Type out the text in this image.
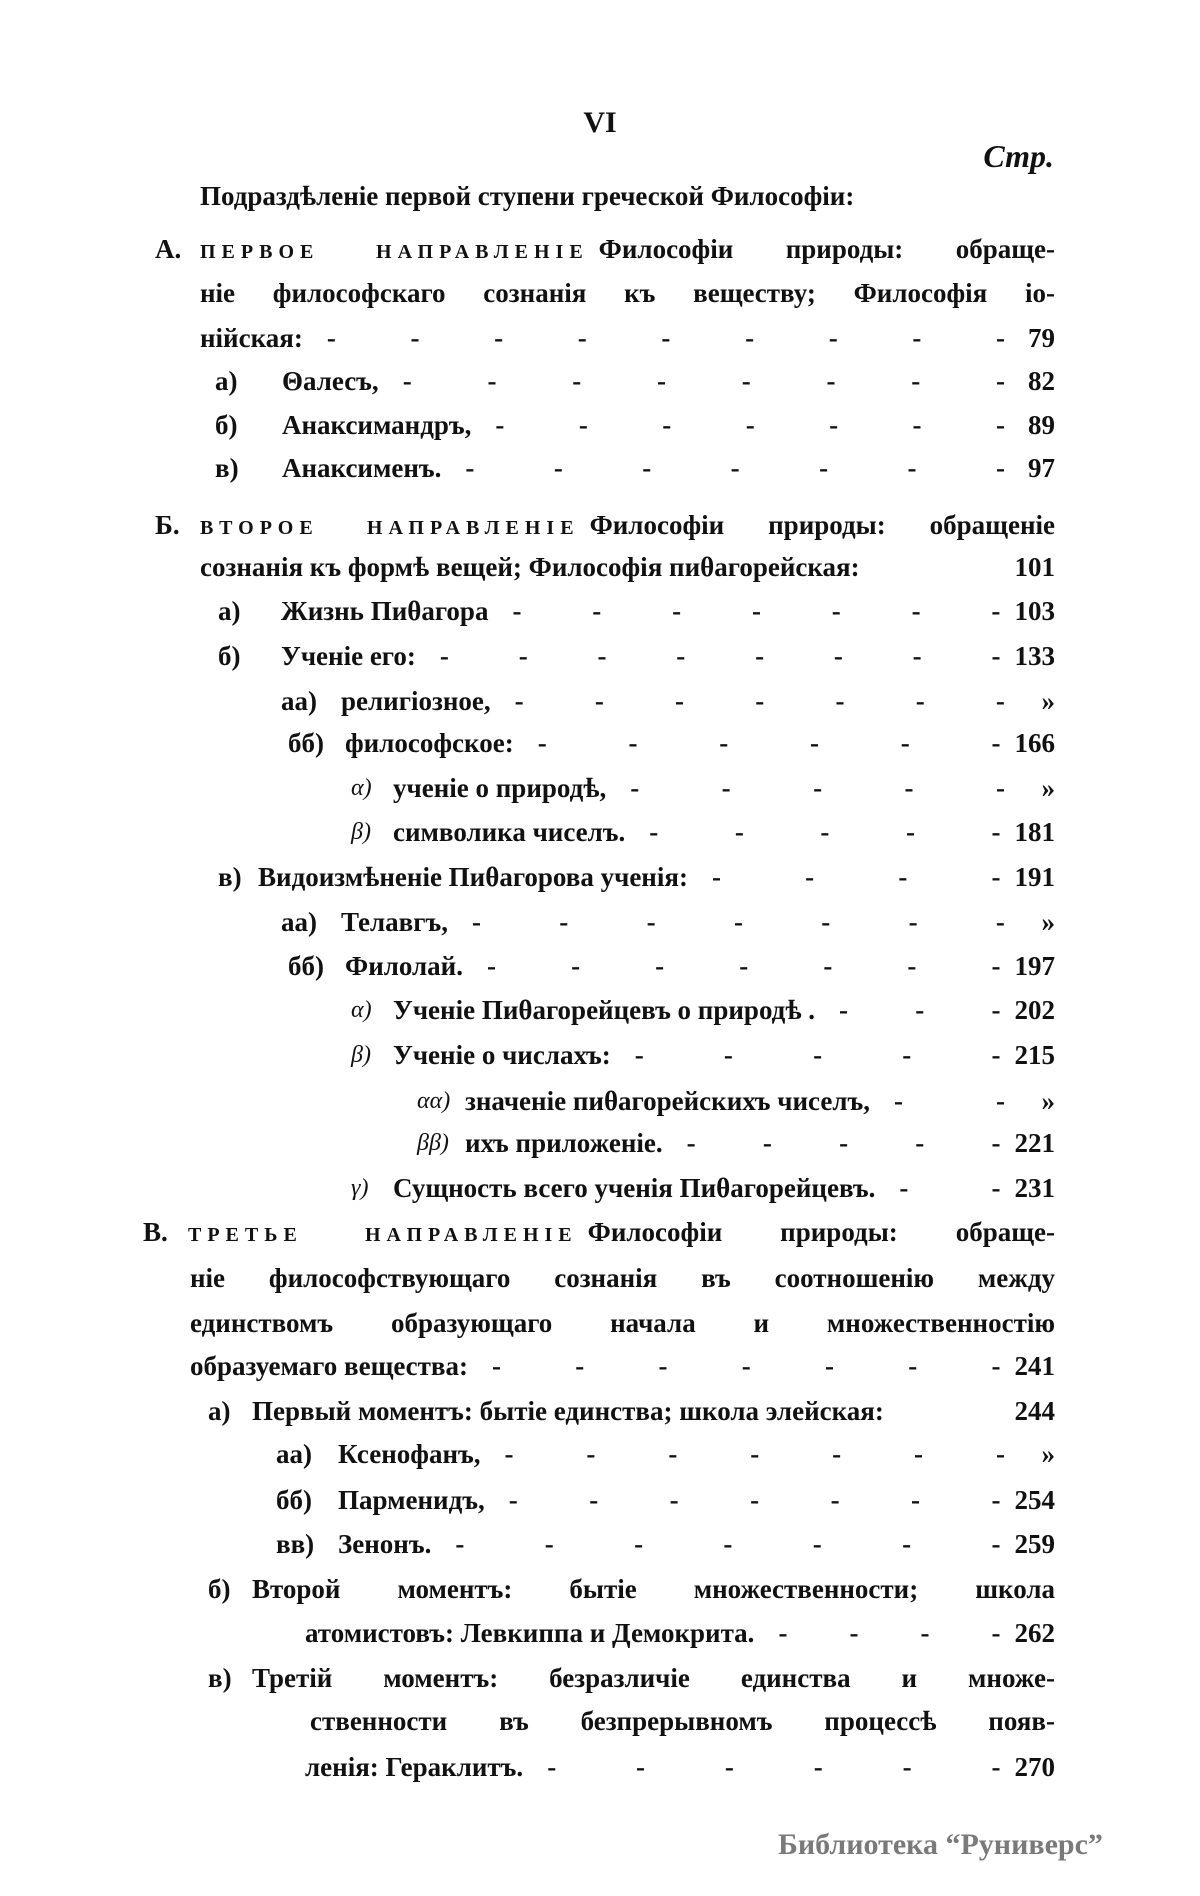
VI
Стр.
Подраздѣленiе первой ступени греческой Философiи:
А. ПЕРВОЕ НАПРАВЛЕНIЕ Философiи природы: обраще-
нiе философскаго сознанiя къ веществу; Философiя iо-
нiйская: -	-	-	-	-	-	-	-	- 79
а) Θалесъ, -	-	-	-	-	-	-	- 82
б) Анаксимандръ, -	-	-	-	-	-	- 89
в) Анаксименъ. -	-	-	-	-	-	- 97
Б. ВТОРОЕ НАПРАВЛЕНIЕ Философiи природы: обращенiе
сознанiя къ формѣ вещей; Философiя пиθагорейская:	101
а) Жизнь Пиθагора -	-	-	-	-	-	- 103
б) Ученiе его: -	-	-	-	-	-	-	- 133
аа) религiозное, -	-	-	-	-	-	-	»
бб) философское: -	-	-	-	-	- 166
α) ученiе о природѣ, -	-	-	-	-	»
β) символика чиселъ. -	-	-	-	- 181
в) Видоизмѣненiе Пиθагорова ученiя: -	-	-	- 191
аа) Телавгъ, -	-	-	-	-	-	-	»
бб) Филолай. -	-	-	-	-	-	- 197
α) Ученiе Пиθагорейцевъ о природѣ . - - - 202
β) Ученiе о числахъ: -	-	-	-	- 215
αα) значенiе пиθагорейскихъ чиселъ, -	-	»
ββ) ихъ приложенiе. - - - - - 221
γ) Сущность всего ученiя Пиθагорейцевъ. -	- 231
В. ТРЕТЬЕ НАПРАВЛЕНIЕ Философiи природы: обраще-
нiе философствующаго сознанiя въ соотношенiю между
единствомъ образующаго начала и множественностiю
образуемаго вещества: -	-	-	-	-	-	- 241
а) Первый моментъ: бытiе единства; школа элейская:	244
аа) Ксенофанъ, -	-	-	-	-	-	-	»
бб) Парменидъ, -	-	-	-	-	-	- 254
вв) Зенонъ. -	-	-	-	-	-	- 259
б) Второй моментъ: бытiе множественности; школа
атомистовъ: Левкиппа и Демокрита. - - - - 262
в) Третiй моментъ: безразличiе единства и множе-
ственности въ безпрерывномъ процессѣ появ-
ленiя: Гераклитъ. -	-	-	-	-	- 270
Библиотека “Руниверс”
